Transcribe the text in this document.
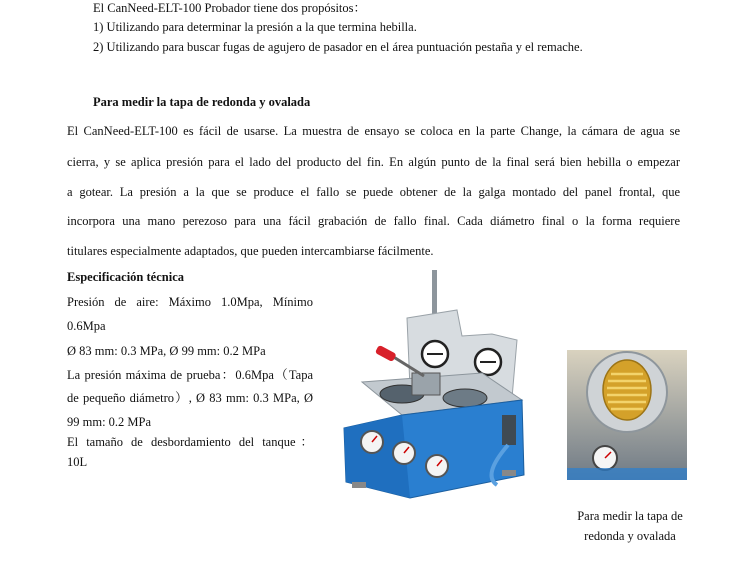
El CanNeed-ELT-100 Probador tiene dos propósitos：
1) Utilizando para determinar la presión a la que termina hebilla.
2) Utilizando para buscar fugas de agujero de pasador en el área puntuación pestaña y el remache.
Para medir la tapa de redonda y ovalada
El CanNeed-ELT-100 es fácil de usarse. La muestra de ensayo se coloca en la parte Change, la cámara de agua se
cierra, y se aplica presión para el lado del producto del fin. En algún punto de la final será bien hebilla o empezar
a gotear. La presión a la que se produce el fallo se puede obtener de la galga montado del panel frontal, que
incorpora una mano perezoso para una fácil grabación de fallo final. Cada diámetro final o la forma requiere
titulares especialmente adaptados, que pueden intercambiarse fácilmente.
Especificación técnica
Presión de aire: Máximo 1.0Mpa, Mínimo
0.6Mpa
Ø 83 mm: 0.3 MPa, Ø 99 mm: 0.2 MPa
La presión máxima de prueba：0.6Mpa（Tapa
de pequeño diámetro）, Ø 83 mm: 0.3 MPa, Ø
99 mm: 0.2 MPa
El tamaño de desbordamiento del tanque：
10L
Para medir la tapa de
redonda y ovalada
